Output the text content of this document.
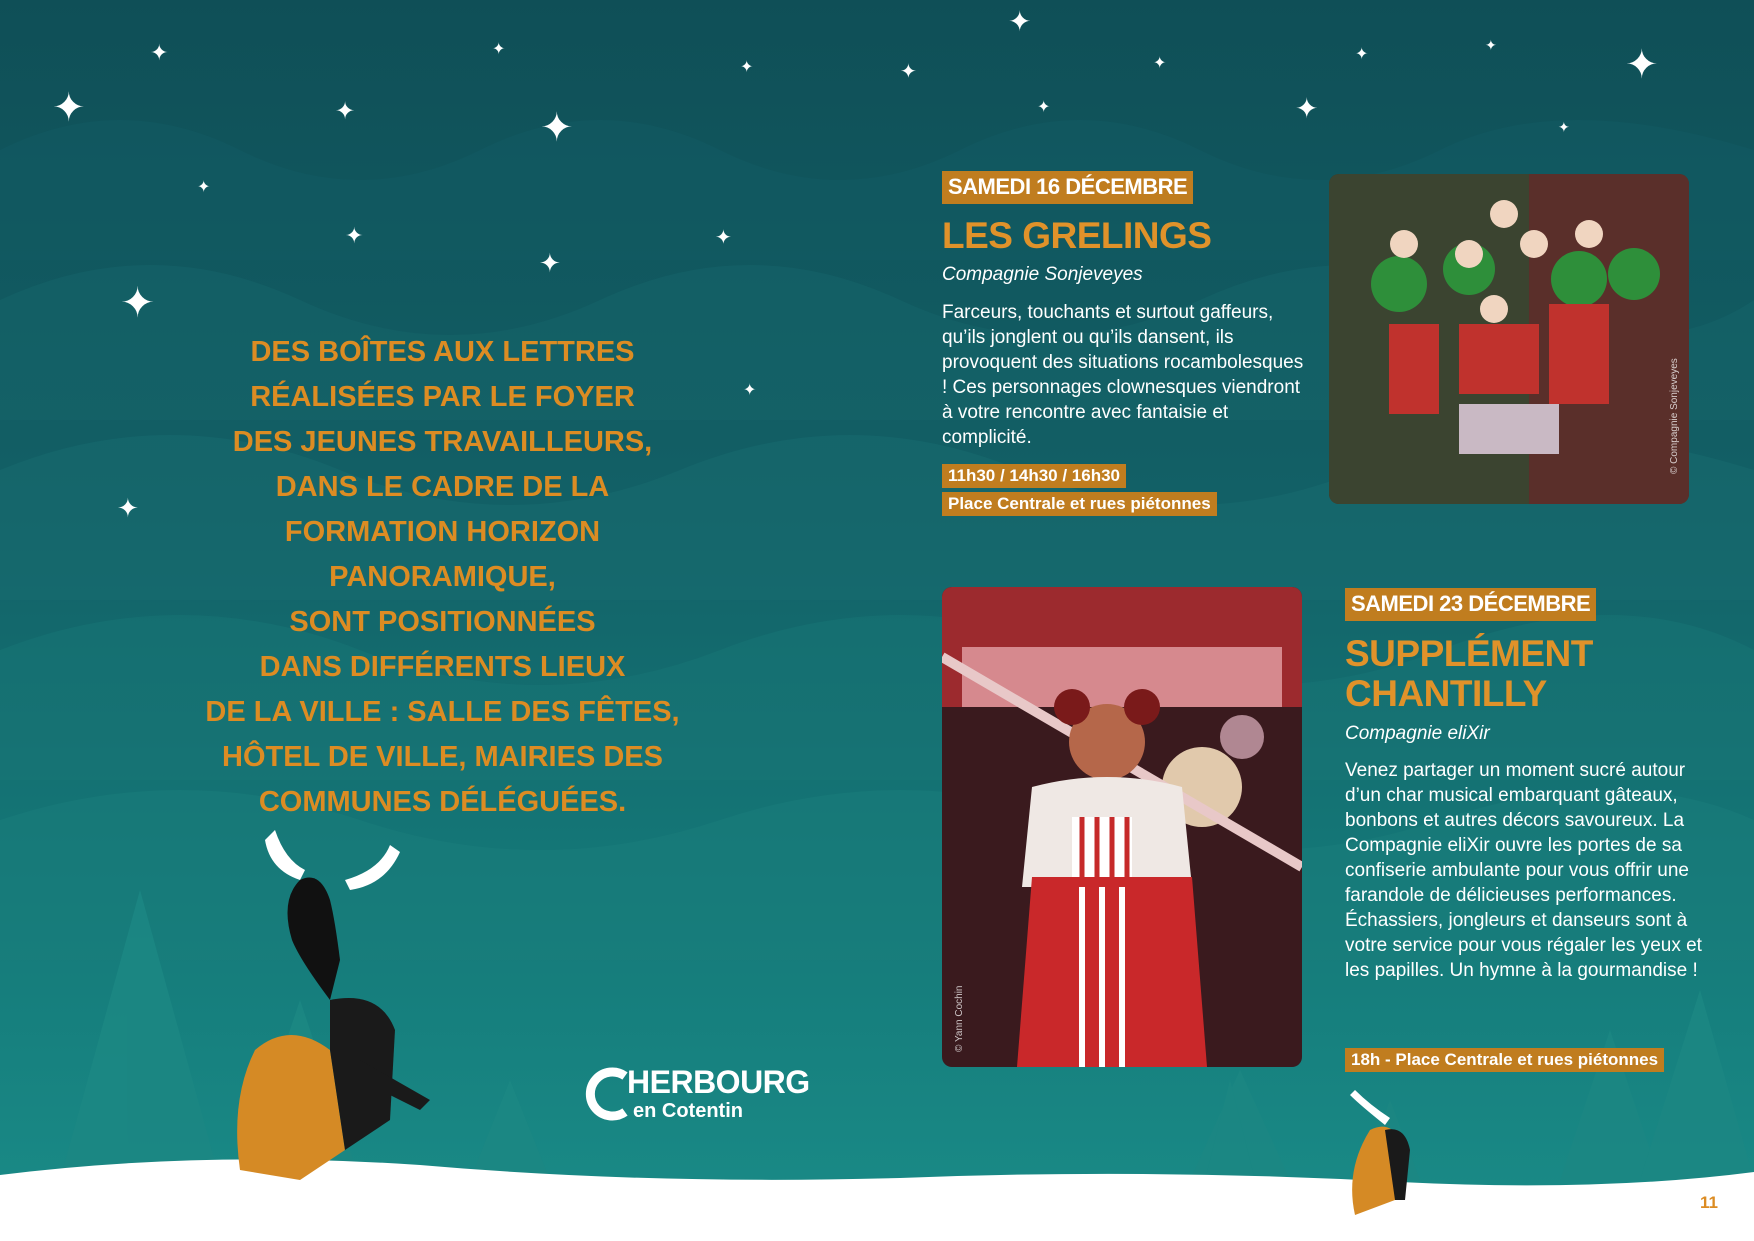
✦
✦
✦
✦
✦
✦	✦
✦
✦
✦	✦
✦
✦
✦
✦
✦
✦
✦
✦
✦
✦
✦
DES BOÎTES AUX LETTRES
RÉALISÉES PAR LE FOYER
DES JEUNES TRAVAILLEURS,
DANS LE CADRE DE LA
FORMATION HORIZON
PANORAMIQUE,
SONT POSITIONNÉES
DANS DIFFÉRENTS LIEUX
DE LA VILLE : SALLE DES FÊTES,
HÔTEL DE VILLE, MAIRIES DES
COMMUNES DÉLÉGUÉES.
SAMEDI 16 DÉCEMBRE
LES GRELINGS
Compagnie Sonjeveyes
Farceurs, touchants et surtout gaffeurs, qu’ils jonglent ou qu’ils dansent, ils provoquent des situations rocambolesques ! Ces personnages clownesques viendront à votre rencontre avec fantaisie et complicité.
11h30 / 14h30 / 16h30
Place Centrale et rues piétonnes
© Compagnie Sonjeveyes
© Yann Cochin
SAMEDI 23 DÉCEMBRE
SUPPLÉMENT
CHANTILLY
Compagnie eliXir
Venez partager un moment sucré autour d’un char musical embarquant gâteaux, bonbons et autres décors savoureux. La Compagnie eliXir ouvre les portes de sa confiserie ambulante pour vous offrir une farandole de délicieuses performances. Échassiers, jongleurs et danseurs sont à votre service pour vous régaler les yeux et les papilles. Un hymne à la gourmandise !
18h - Place Centrale et rues piétonnes
HERBOURG
en Cotentin
11
